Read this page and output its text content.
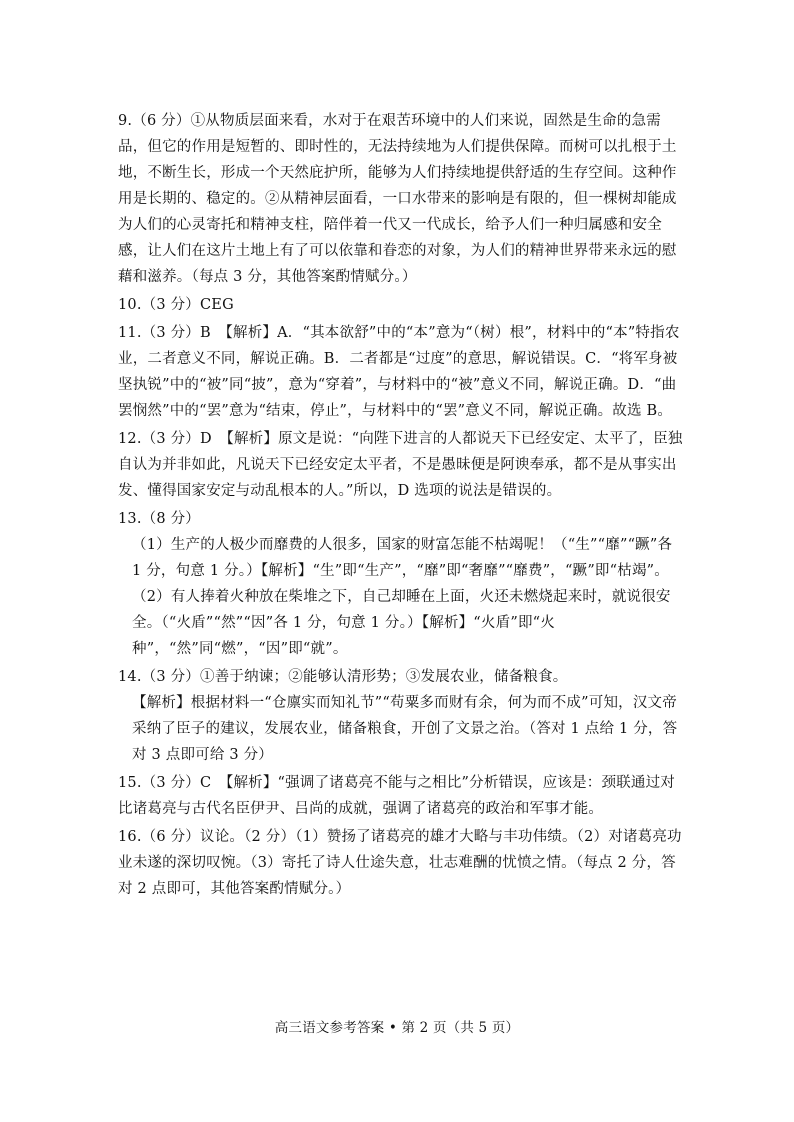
9.（6 分）①从物质层面来看，水对于在艰苦环境中的人们来说，固然是生命的急需品，但它的作用是短暂的、即时性的，无法持续地为人们提供保障。而树可以扎根于土地，不断生长，形成一个天然庇护所，能够为人们持续地提供舒适的生存空间。这种作用是长期的、稳定的。②从精神层面看，一口水带来的影响是有限的，但一棵树却能成为人们的心灵寄托和精神支柱，陪伴着一代又一代成长，给予人们一种归属感和安全感，让人们在这片土地上有了可以依靠和眷恋的对象，为人们的精神世界带来永远的慰藉和滋养。（每点 3 分，其他答案酌情赋分。）

10.（3 分）CEG

11.（3 分）B　【解析】A．“其本欲舒”中的“本”意为“（树）根”，材料中的“本”特指农业，二者意义不同，解说正确。B．二者都是“过度”的意思，解说错误。C．“将军身被坚执锐”中的“被”同“披”，意为“穿着”，与材料中的“被”意义不同，解说正确。D．“曲罢悯然”中的“罢”意为“结束，停止”，与材料中的“罢”意义不同，解说正确。故选 B。

12.（3 分）D　【解析】原文是说：“向陛下进言的人都说天下已经安定、太平了，臣独自认为并非如此，凡说天下已经安定太平者，不是愚昧便是阿谀奉承，都不是从事实出发、懂得国家安定与动乱根本的人。”所以，D 选项的说法是错误的。

13.（8 分）

（1）生产的人极少而靡费的人很多，国家的财富怎能不枯竭呢！（“生”“靡”“蹶”各 1 分，句意 1 分。）【解析】“生”即“生产”，“靡”即“奢靡”“靡费”，“蹶”即“枯竭”。

（2）有人捧着火种放在柴堆之下，自己却睡在上面，火还未燃烧起来时，就说很安全。（“火盾”“然”“因”各 1 分，句意 1 分。）【解析】“火盾”即“火种”，“然”同“燃”，“因”即“就”。

14.（3 分）①善于纳谏；②能够认清形势；③发展农业，储备粮食。

【解析】根据材料一“仓廪实而知礼节”“苟粟多而财有余，何为而不成”可知，汉文帝采纳了臣子的建议，发展农业，储备粮食，开创了文景之治。（答对 1 点给 1 分，答对 3 点即可给 3 分）

15.（3 分）C　【解析】“强调了诸葛亮不能与之相比”分析错误，应该是：颈联通过对比诸葛亮与古代名臣伊尹、吕尚的成就，强调了诸葛亮的政治和军事才能。

16.（6 分）议论。（2 分）（1）赞扬了诸葛亮的雄才大略与丰功伟绩。（2）对诸葛亮功业未遂的深切叹惋。（3）寄托了诗人仕途失意，壮志难酬的忧愤之情。（每点 2 分，答对 2 点即可，其他答案酌情赋分。）

高三语文参考答案 • 第 2 页（共 5 页）
